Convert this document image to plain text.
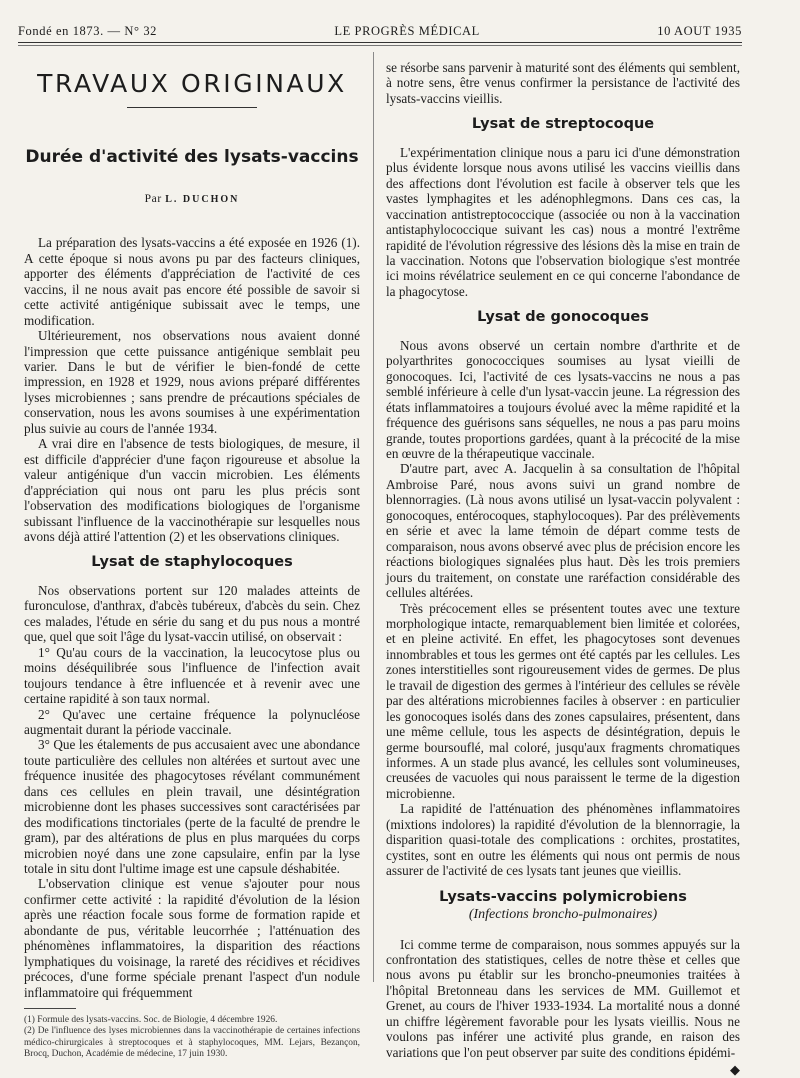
Fondé en 1873. — N° 32	LE PROGRÈS MÉDICAL	10 AOUT 1935
TRAVAUX ORIGINAUX
Durée d'activité des lysats-vaccins
Par L. DUCHON

La préparation des lysats-vaccins a été exposée en 1926 (1). A cette époque si nous avons pu par des facteurs cliniques, apporter des éléments d'appréciation de l'activité de ces vaccins, il ne nous avait pas encore été possible de savoir si cette activité antigénique subissait avec le temps, une modification.

Ultérieurement, nos observations nous avaient donné l'impression que cette puissance antigénique semblait peu varier. Dans le but de vérifier le bien-fondé de cette impression, en 1928 et 1929, nous avions préparé différentes lyses microbiennes ; sans prendre de précautions spéciales de conservation, nous les avons soumises à une expérimentation plus suivie au cours de l'année 1934.

A vrai dire en l'absence de tests biologiques, de mesure, il est difficile d'apprécier d'une façon rigoureuse et absolue la valeur antigénique d'un vaccin microbien. Les éléments d'appréciation qui nous ont paru les plus précis sont l'observation des modifications biologiques de l'organisme subissant l'influence de la vaccinothérapie sur lesquelles nous avons déjà attiré l'attention (2) et les observations cliniques.

Lysat de staphylocoques

Nos observations portent sur 120 malades atteints de furonculose, d'anthrax, d'abcès tubéreux, d'abcès du sein. Chez ces malades, l'étude en série du sang et du pus nous a montré que, quel que soit l'âge du lysat-vaccin utilisé, on observait :

1° Qu'au cours de la vaccination, la leucocytose plus ou moins déséquilibrée sous l'influence de l'infection avait toujours tendance à être influencée et à revenir avec une certaine rapidité à son taux normal.

2° Qu'avec une certaine fréquence la polynucléose augmentait durant la période vaccinale.

3° Que les étalements de pus accusaient avec une abondance toute particulière des cellules non altérées et surtout avec une fréquence inusitée des phagocytoses révélant communément dans ces cellules en plein travail, une désintégration microbienne dont les phases successives sont caractérisées par des modifications tinctoriales (perte de la faculté de prendre le gram), par des altérations de plus en plus marquées du corps microbien noyé dans une zone capsulaire, enfin par la lyse totale in situ dont l'ultime image est une capsule déshabitée.

L'observation clinique est venue s'ajouter pour nous confirmer cette activité : la rapidité d'évolution de la lésion après une réaction focale sous forme de formation rapide et abondante de pus, véritable leucorrhée ; l'atténuation des phénomènes inflammatoires, la disparition des réactions lymphatiques du voisinage, la rareté des récidives et récidives précoces, d'une forme spéciale prenant l'aspect d'un nodule inflammatoire qui fréquemment

(1) Formule des lysats-vaccins. Soc. de Biologie, 4 décembre 1926.

(2) De l'influence des lyses microbiennes dans la vaccinothérapie de certaines infections médico-chirurgicales à streptocoques et à staphylocoques, MM. Lejars, Bezançon, Brocq, Duchon, Académie de médecine, 17 juin 1930.

se résorbe sans parvenir à maturité sont des éléments qui semblent, à notre sens, être venus confirmer la persistance de l'activité des lysats-vaccins vieillis.

Lysat de streptocoque

L'expérimentation clinique nous a paru ici d'une démonstration plus évidente lorsque nous avons utilisé les vaccins vieillis dans des affections dont l'évolution est facile à observer tels que les vastes lymphagites et les adénophlegmons. Dans ces cas, la vaccination antistreptococcique (associée ou non à la vaccination antistaphylococcique suivant les cas) nous a montré l'extrême rapidité de l'évolution régressive des lésions dès la mise en train de la vaccination. Notons que l'observation biologique s'est montrée ici moins révélatrice seulement en ce qui concerne l'abondance de la phagocytose.

Lysat de gonocoques

Nous avons observé un certain nombre d'arthrite et de polyarthrites gonococciques soumises au lysat vieilli de gonocoques. Ici, l'activité de ces lysats-vaccins ne nous a pas semblé inférieure à celle d'un lysat-vaccin jeune. La régression des états inflammatoires a toujours évolué avec la même rapidité et la fréquence des guérisons sans séquelles, ne nous a pas paru moins grande, toutes proportions gardées, quant à la précocité de la mise en œuvre de la thérapeutique vaccinale.

D'autre part, avec A. Jacquelin à sa consultation de l'hôpital Ambroise Paré, nous avons suivi un grand nombre de blennorragies. (Là nous avons utilisé un lysat-vaccin polyvalent : gonocoques, entérocoques, staphylocoques). Par des prélèvements en série et avec la lame témoin de départ comme tests de comparaison, nous avons observé avec plus de précision encore les réactions biologiques signalées plus haut. Dès les trois premiers jours du traitement, on constate une raréfaction considérable des cellules altérées.

Très précocement elles se présentent toutes avec une texture morphologique intacte, remarquablement bien limitée et colorées, et en pleine activité. En effet, les phagocytoses sont devenues innombrables et tous les germes ont été captés par les cellules. Les zones interstitielles sont rigoureusement vides de germes. De plus le travail de digestion des germes à l'intérieur des cellules se révèle par des altérations microbiennes faciles à observer : en particulier les gonocoques isolés dans des zones capsulaires, présentent, dans une même cellule, tous les aspects de désintégration, depuis le germe boursouflé, mal coloré, jusqu'aux fragments chromatiques informes. A un stade plus avancé, les cellules sont volumineuses, creusées de vacuoles qui nous paraissent le terme de la digestion microbienne.

La rapidité de l'atténuation des phénomènes inflammatoires (mixtions indolores) la rapidité d'évolution de la blennorragie, la disparition quasi-totale des complications : orchites, prostatites, cystites, sont en outre les éléments qui nous ont permis de nous assurer de l'activité de ces lysats tant jeunes que vieillis.

Lysats-vaccins polymicrobiens
(Infections broncho-pulmonaires)

Ici comme terme de comparaison, nous sommes appuyés sur la confrontation des statistiques, celles de notre thèse et celles que nous avons pu établir sur les broncho-pneumonies traitées à l'hôpital Bretonneau dans les services de MM. Guillemot et Grenet, au cours de l'hiver 1933-1934. La mortalité nous a donné un chiffre légèrement favorable pour les lysats vieillis. Nous ne voulons pas inférer une activité plus grande, en raison des variations que l'on peut observer par suite des conditions épidémi-

◆
